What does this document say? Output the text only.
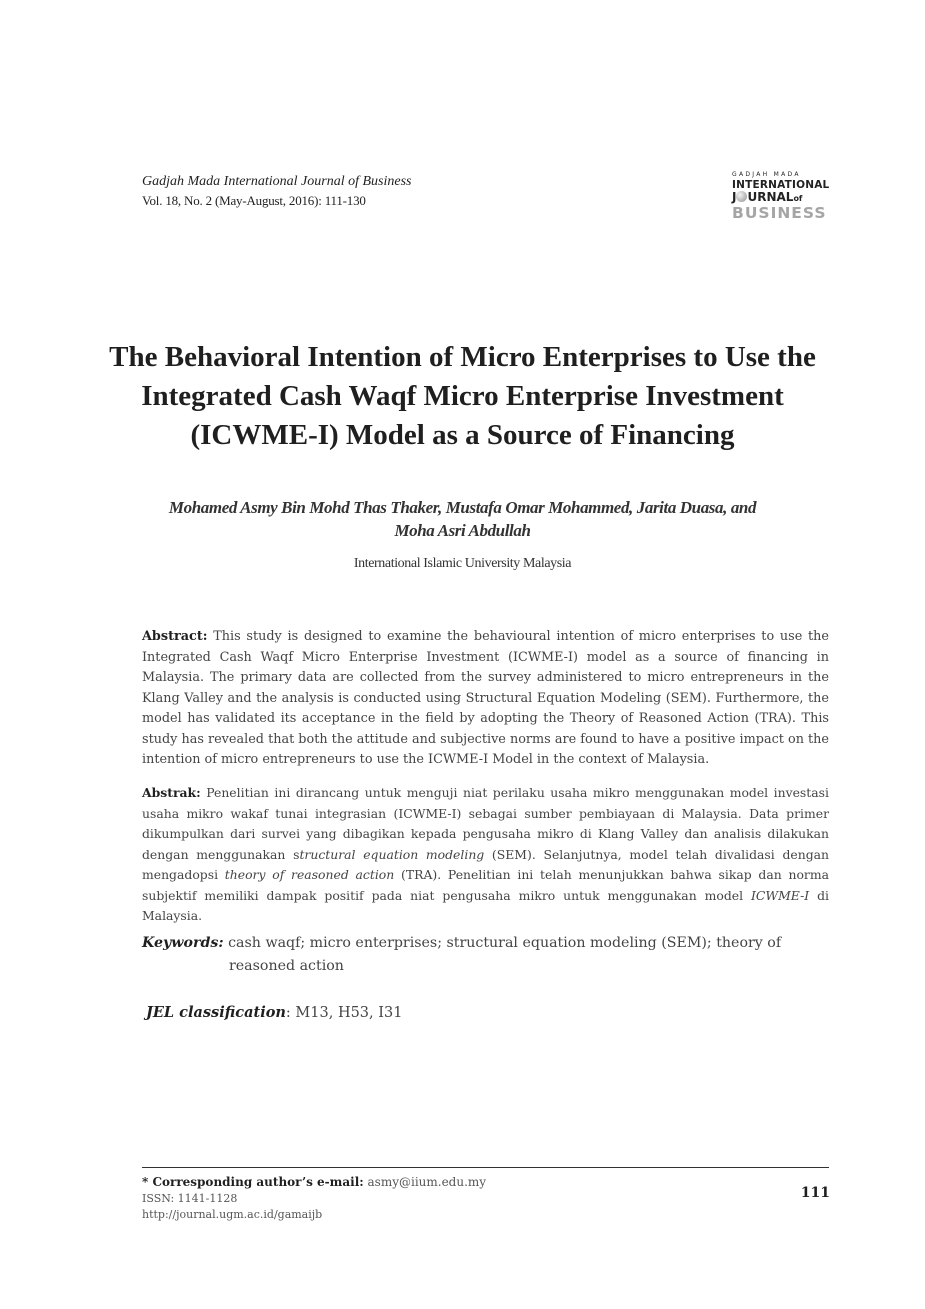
Gadjah Mada International Journal of Business
Vol. 18, No. 2 (May-August, 2016): 111-130
GADJAH MADA
INTERNATIONAL
J URNALof
BUSINESS
The Behavioral Intention of Micro Enterprises to Use the
Integrated Cash Waqf Micro Enterprise Investment
(ICWME-I) Model as a Source of Financing
Mohamed Asmy Bin Mohd Thas Thaker, Mustafa Omar Mohammed, Jarita Duasa, and
Moha Asri Abdullah
International Islamic University Malaysia
Abstract: This study is designed to examine the behavioural intention of micro enterprises to use the Integrated Cash Waqf Micro Enterprise Investment (ICWME-I) model as a source of financing in Malaysia. The primary data are collected from the survey administered to micro entrepreneurs in the Klang Valley and the analysis is conducted using Structural Equation Modeling (SEM). Furthermore, the model has validated its acceptance in the field by adopting the Theory of Reasoned Action (TRA). This study has revealed that both the attitude and subjective norms are found to have a positive impact on the intention of micro entrepreneurs to use the ICWME-I Model in the context of Malaysia.
Abstrak: Penelitian ini dirancang untuk menguji niat perilaku usaha mikro menggunakan model investasi usaha mikro wakaf tunai integrasian (ICWME-I) sebagai sumber pembiayaan di Malaysia. Data primer dikumpulkan dari survei yang dibagikan kepada pengusaha mikro di Klang Valley dan analisis dilakukan dengan menggunakan structural equation modeling (SEM). Selanjutnya, model telah divalidasi dengan mengadopsi theory of reasoned action (TRA). Penelitian ini telah menunjukkan bahwa sikap dan norma subjektif memiliki dampak positif pada niat pengusaha mikro untuk menggunakan model ICWME-I di Malaysia.
Keywords: cash waqf; micro enterprises; structural equation modeling (SEM); theory of
reasoned action
JEL classification: M13, H53, I31
* Corresponding author’s e-mail: asmy@iium.edu.my
ISSN: 1141-1128
http://journal.ugm.ac.id/gamaijb
111
